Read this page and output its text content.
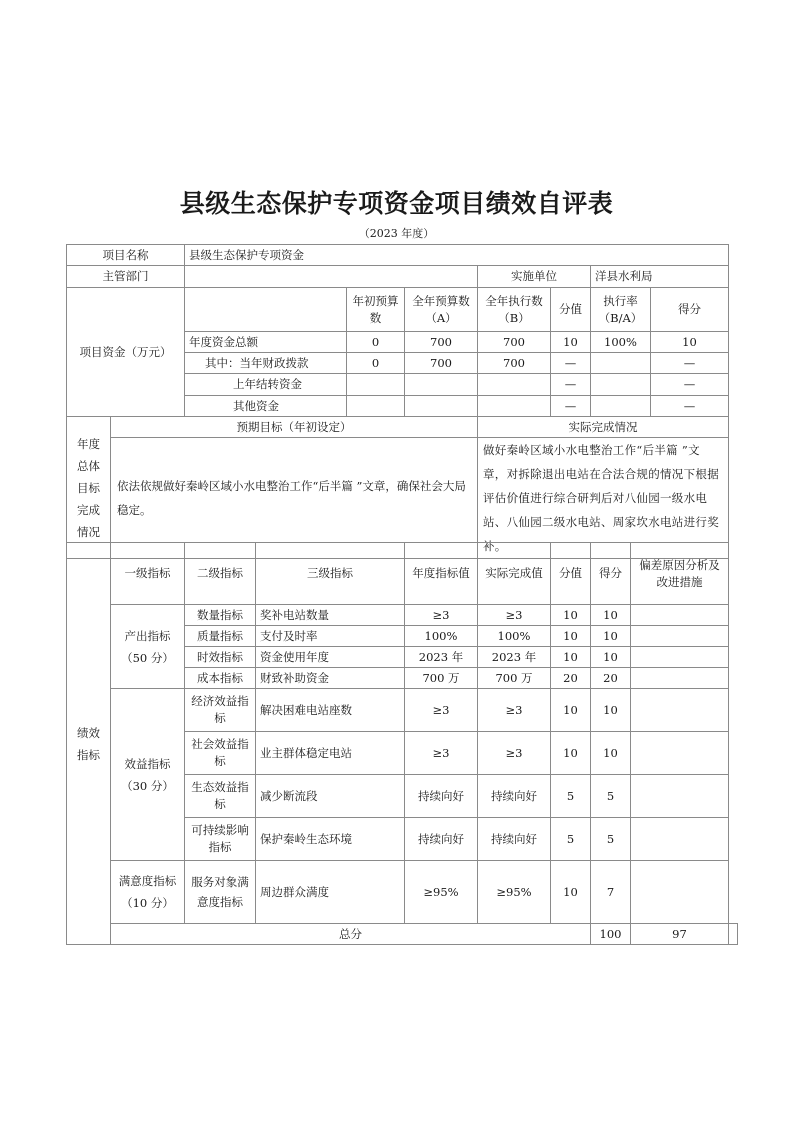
县级生态保护专项资金项目绩效自评表
（2023 年度）
项目名称	县级生态保护专项资金						
主管部门				实施单位		洋县水利局	
项目资金（万元）		年初预算数	全年预算数（A）	全年执行数（B）	分值	执行率（B/A）	得分
	年度资金总额	0	700	700	10	100%	10
	其中：当年财政拨款	0	700	700	—		—
	上年结转资金				—		—
	其他资金				—		—
年度总体目标完成情况	预期目标（年初设定）	实际完成情况
	依法依规做好秦岭区域小水电整治工作“后半篇 ”文章，确保社会大局稳定。	做好秦岭区域小水电整治工作“后半篇 ”文章，对拆除退出电站在合法合规的情况下根据评估价值进行综合研判后对八仙园一级水电站、八仙园二级水电站、周家坎水电站进行奖补。
绩效指标	一级指标	二级指标	三级指标	年度指标值	实际完成值	分值	得分	偏差原因分析及改进措施	
	产出指标（50 分）	数量指标	奖补电站数量	≥3	≥3	10	10		
		质量指标	支付及时率	100%	100%	10	10		
		时效指标	资金使用年度	2023 年	2023 年	10	10		
		成本指标	财致补助资金	700 万	700 万	20	20		
	效益指标（30 分）	经济效益指标	解决困难电站座数	≥3	≥3	10	10		
		社会效益指标	业主群体稳定电站	≥3	≥3	10	10		
		生态效益指标	减少断流段	持续向好	持续向好	5	5		
		可持续影响指标	保护秦岭生态环境	持续向好	持续向好	5	5		
	满意度指标（10 分）	服务对象满意度指标	周边群众满度	≥95%	≥95%	10	7		
	总分						100	97	
